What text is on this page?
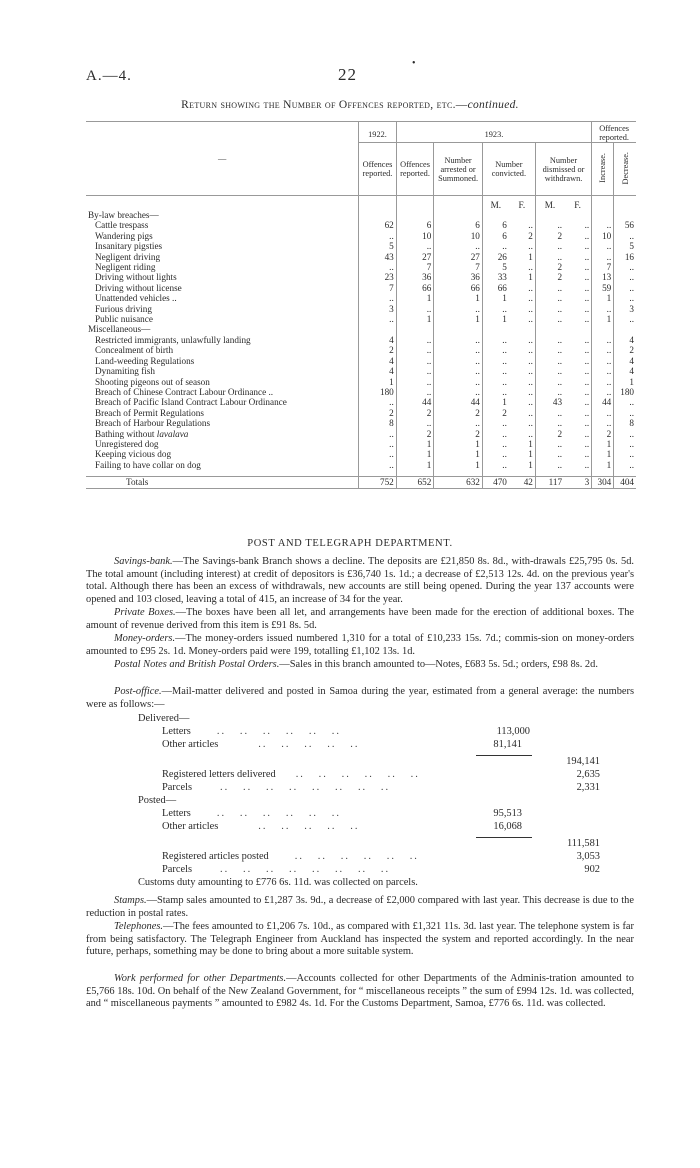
A.—4.	22
•
Return showing the Number of Offences reported, etc.—continued.

—	1922.	1923.						Offences reported.	
	Offences reported.	Offences reported.	Number arrested or Summoned.	Number convicted.		Number dismissed or withdrawn.		Increase.	Decrease.
				M.	F.	M.	F.		
By-law breaches—									
Cattle trespass	62	6	6	6	..	..	..	..	56
Wandering pigs	..	10	10	6	2	2	..	10	..
Insanitary pigsties	5	..	..	..	..	..	..	..	5
Negligent driving	43	27	27	26	1	..	..	..	16
Negligent riding	..	7	7	5	..	2	..	7	..
Driving without lights	23	36	36	33	1	2	..	13	..
Driving without license	7	66	66	66	..	..	..	59	..
Unattended vehicles ..	..	1	1	1	..	..	..	1	..
Furious driving	3	..	..	..	..	..	..	..	3
Public nuisance	..	1	1	1	..	..	..	1	..
Miscellaneous—									
Restricted immigrants, unlawfully landing	4	..	..	..	..	..	..	..	4
Concealment of birth	2	..	..	..	..	..	..	..	2
Land-weeding Regulations	4	..	..	..	..	..	..	..	4
Dynamiting fish	4	..	..	..	..	..	..	..	4
Shooting pigeons out of season	1	..	..	..	..	..	..	..	1
Breach of Chinese Contract Labour Ordinance ..	180	..	..	..	..	..	..	..	180
Breach of Pacific Island Contract Labour Ordinance	..	44	44	1	..	43	..	44	..
Breach of Permit Regulations	2	2	2	2	..	..	..	..	..
Breach of Harbour Regulations	8	..	..	..	..	..	..	..	8
Bathing without lavalava	..	2	2	..	..	2	..	2	..
Unregistered dog	..	1	1	..	1	..	..	1	..
Keeping vicious dog	..	1	1	..	1	..	..	1	..
Failing to have collar on dog	..	1	1	..	1	..	..	1	..

Totals	752	652	632	470	42	117	3	304	404
POST AND TELEGRAPH DEPARTMENT.
Savings-bank.—The Savings-bank Branch shows a decline. The deposits are £21,850 8s. 8d., with-drawals £25,795 0s. 5d. The total amount (including interest) at credit of depositors is £36,740 1s. 1d.; a decrease of £2,513 12s. 4d. on the previous year's total. Although there has been an excess of withdrawals, new accounts are still being opened. During the year 137 accounts were opened and 103 closed, leaving a total of 415, an increase of 34 for the year.
Private Boxes.—The boxes have been all let, and arrangements have been made for the erection of additional boxes. The amount of revenue derived from this item is £91 8s. 5d.
Money-orders.—The money-orders issued numbered 1,310 for a total of £10,233 15s. 7d.; commis-sion on money-orders amounted to £95 2s. 1d. Money-orders paid were 199, totalling £1,102 13s. 1d.
Postal Notes and British Postal Orders.—Sales in this branch amounted to—Notes, £683 5s. 5d.; orders, £98 8s. 2d.
Post-office.—Mail-matter delivered and posted in Samoa during the year, estimated from a general average: the numbers were as follows:—
Delivered—
Letters	..   ..   ..   ..   ..   ..	113,000
Other articles	..   ..   ..   ..   ..	81,141
194,141
Registered letters delivered ..   ..   ..   ..   ..   ..	2,635
Parcels	..   ..   ..   ..   ..   ..   ..   ..	2,331
Posted—
Letters	..   ..   ..   ..   ..   ..	95,513
Other articles	..   ..   ..   ..   ..	16,068
111,581
Registered articles posted	..   ..   ..   ..   ..   ..	3,053
Parcels	..   ..   ..   ..   ..   ..   ..   ..	902
Customs duty amounting to £776 6s. 11d. was collected on parcels.
Stamps.—Stamp sales amounted to £1,287 3s. 9d., a decrease of £2,000 compared with last year. This decrease is due to the reduction in postal rates.
Telephones.—The fees amounted to £1,206 7s. 10d., as compared with £1,321 11s. 3d. last year. The telephone system is far from being satisfactory. The Telegraph Engineer from Auckland has inspected the system and reported accordingly. In the near future, perhaps, something may be done to bring about a more suitable system.
Work performed for other Departments.—Accounts collected for other Departments of the Adminis-tration amounted to £5,766 18s. 10d. On behalf of the New Zealand Government, for “ miscellaneous receipts ” the sum of £994 12s. 1d. was collected, and “ miscellaneous payments ” amounted to £982 4s. 1d. For the Customs Department, Samoa, £776 6s. 11d. was collected.
